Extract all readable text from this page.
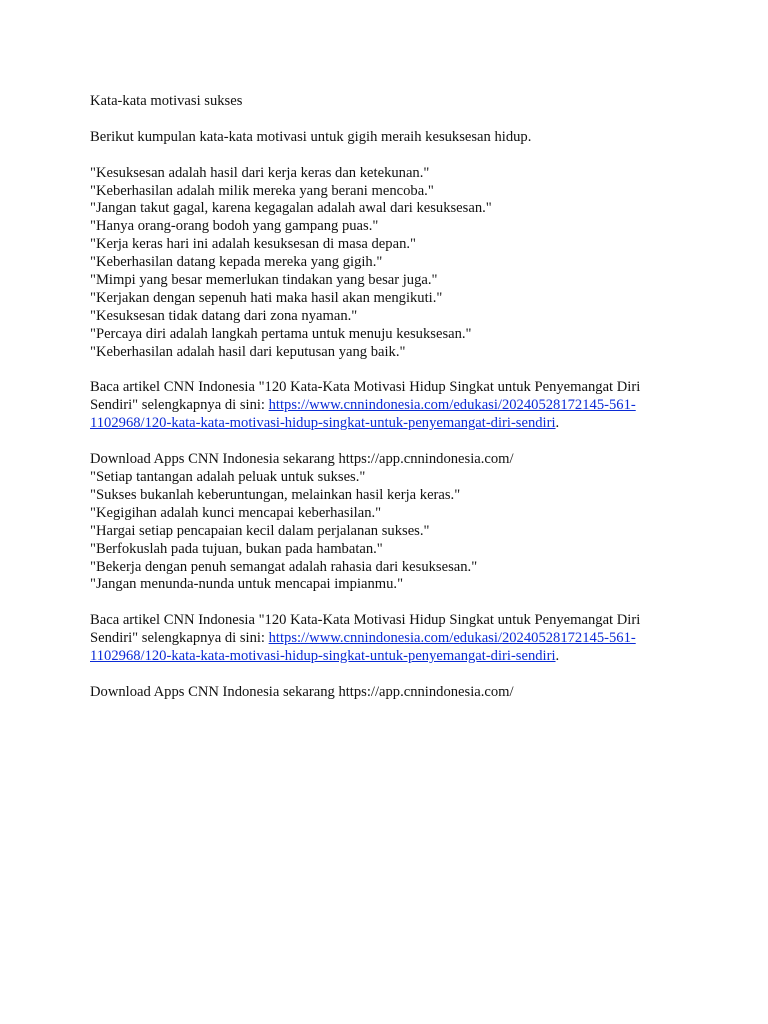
Kata-kata motivasi sukses

Berikut kumpulan kata-kata motivasi untuk gigih meraih kesuksesan hidup.

"Kesuksesan adalah hasil dari kerja keras dan ketekunan."
"Keberhasilan adalah milik mereka yang berani mencoba."
"Jangan takut gagal, karena kegagalan adalah awal dari kesuksesan."
"Hanya orang-orang bodoh yang gampang puas."
"Kerja keras hari ini adalah kesuksesan di masa depan."
"Keberhasilan datang kepada mereka yang gigih."
"Mimpi yang besar memerlukan tindakan yang besar juga."
"Kerjakan dengan sepenuh hati maka hasil akan mengikuti."
"Kesuksesan tidak datang dari zona nyaman."
"Percaya diri adalah langkah pertama untuk menuju kesuksesan."
"Keberhasilan adalah hasil dari keputusan yang baik."

Baca artikel CNN Indonesia "120 Kata-Kata Motivasi Hidup Singkat untuk Penyemangat Diri
Sendiri" selengkapnya di sini: https://www.cnnindonesia.com/edukasi/20240528172145-561-
1102968/120-kata-kata-motivasi-hidup-singkat-untuk-penyemangat-diri-sendiri.

Download Apps CNN Indonesia sekarang https://app.cnnindonesia.com/
"Setiap tantangan adalah peluak untuk sukses."
"Sukses bukanlah keberuntungan, melainkan hasil kerja keras."
"Kegigihan adalah kunci mencapai keberhasilan."
"Hargai setiap pencapaian kecil dalam perjalanan sukses."
"Berfokuslah pada tujuan, bukan pada hambatan."
"Bekerja dengan penuh semangat adalah rahasia dari kesuksesan."
"Jangan menunda-nunda untuk mencapai impianmu."

Baca artikel CNN Indonesia "120 Kata-Kata Motivasi Hidup Singkat untuk Penyemangat Diri
Sendiri" selengkapnya di sini: https://www.cnnindonesia.com/edukasi/20240528172145-561-
1102968/120-kata-kata-motivasi-hidup-singkat-untuk-penyemangat-diri-sendiri.

Download Apps CNN Indonesia sekarang https://app.cnnindonesia.com/
